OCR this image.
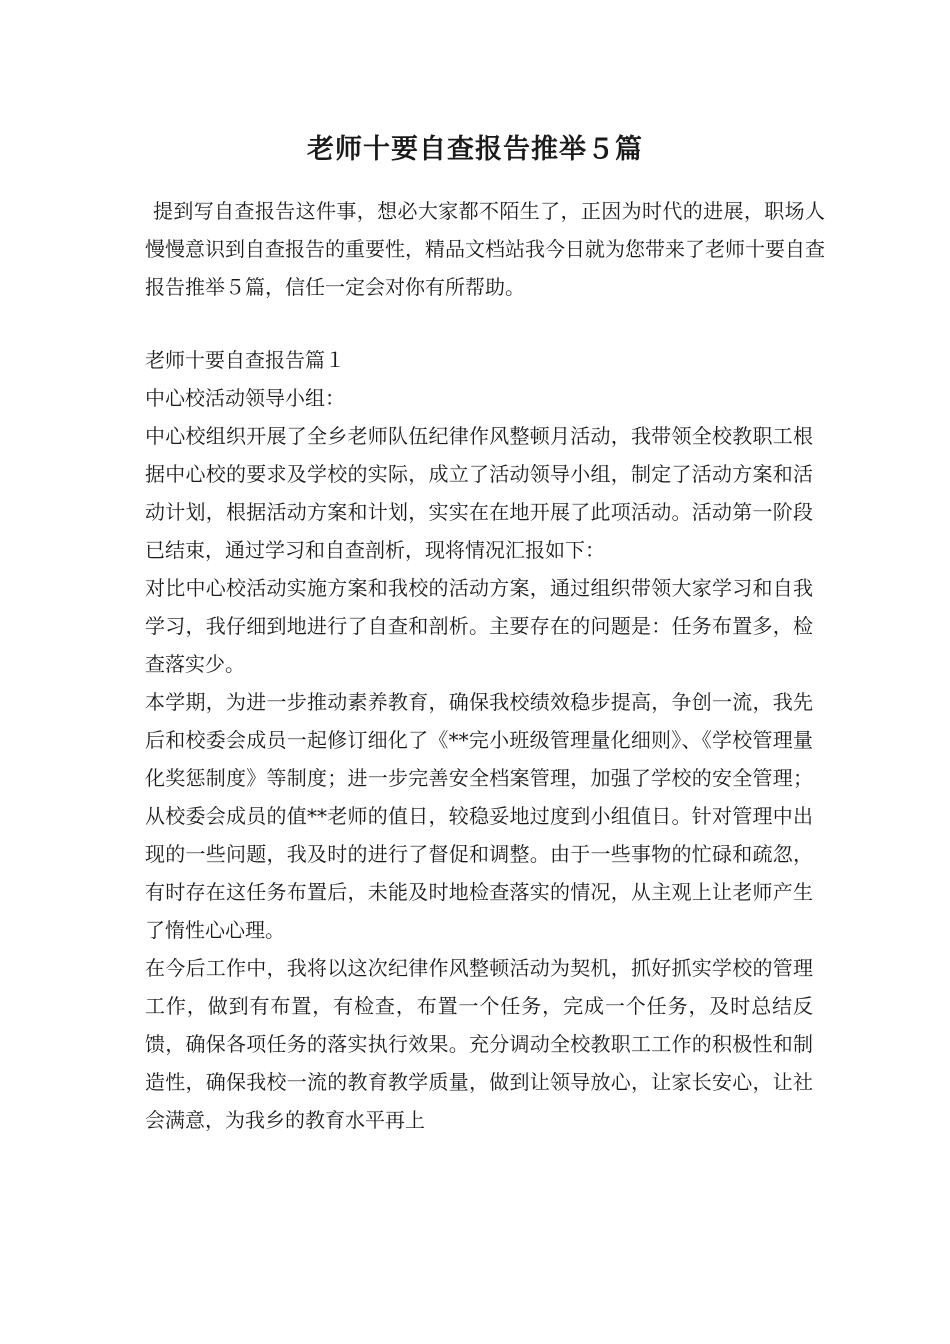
老师十要自查报告推举５篇

提到写自查报告这件事，想必大家都不陌生了，正因为时代的进展，职场人慢慢意识到自查报告的重要性，精品文档站我今日就为您带来了老师十要自查报告推举５篇，信任一定会对你有所帮助。

老师十要自查报告篇１

中心校活动领导小组：

中心校组织开展了全乡老师队伍纪律作风整顿月活动，我带领全校教职工根据中心校的要求及学校的实际，成立了活动领导小组，制定了活动方案和活动计划，根据活动方案和计划，实实在在地开展了此项活动。活动第一阶段已结束，通过学习和自查剖析，现将情况汇报如下：

对比中心校活动实施方案和我校的活动方案，通过组织带领大家学习和自我学习，我仔细到地进行了自查和剖析。主要存在的问题是：任务布置多，检查落实少。

本学期，为进一步推动素养教育，确保我校绩效稳步提高，争创一流，我先后和校委会成员一起修订细化了《**完小班级管理量化细则》、《学校管理量化奖惩制度》等制度；进一步完善安全档案管理，加强了学校的安全管理；从校委会成员的值**老师的值日，较稳妥地过度到小组值日。针对管理中出现的一些问题，我及时的进行了督促和调整。由于一些事物的忙碌和疏忽，有时存在这任务布置后，未能及时地检查落实的情况，从主观上让老师产生了惰性心心理。

在今后工作中，我将以这次纪律作风整顿活动为契机，抓好抓实学校的管理工作，做到有布置，有检查，布置一个任务，完成一个任务，及时总结反馈，确保各项任务的落实执行效果。充分调动全校教职工工作的积极性和制造性，确保我校一流的教育教学质量，做到让领导放心，让家长安心，让社会满意，为我乡的教育水平再上
